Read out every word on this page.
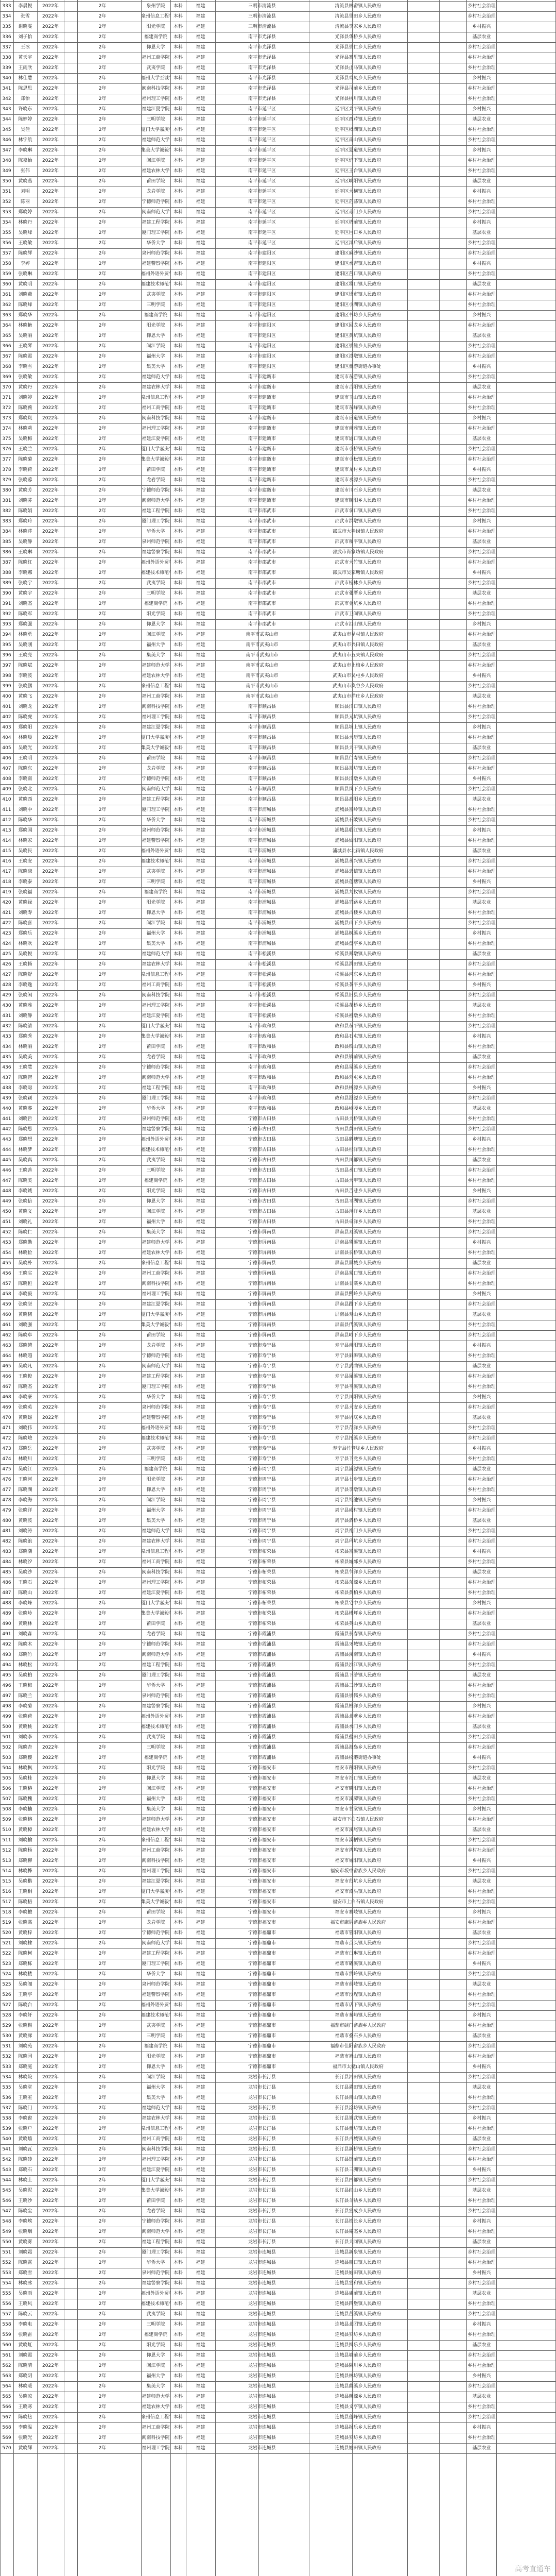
333	李晨悦	2022年	2年	泉州学院	本科	福建	三明市清流县	清流县林畲镇人民政府	乡村社会治理
334	张雪	2022年	2年	泉州信息工程 本科	福建	三明市清流县	清流县里田乡人民政府	乡村社会治理
335	谢晓雯	2022年	2年	阳光学院	本科	福建	三明市清流县	清流县李家乡人民政府	乡村振兴
336	刘子怡	2022年	2年	福建商学院	本科	福建	南平市光泽县	光泽县华桥乡人民政府	基层农业
337	王冰	2022年	2年	仰恩大学	本科	福建	南平市光泽县	光泽县崇仁乡人民政府	乡村社会治理
338	黄天宇	2022年	2年	福州工商学院 本科	福建	南平市光泽县	光泽县寨里镇人民政府	乡村社会治理
339	王雨欣	2022年	2年	武夷学院	本科	福建	南平市光泽县	光泽县止马镇人民政府	乡村社会治理
340	林佳慧	2022年	2年	福州大学至诚 本科	福建	南平市光泽县	光泽县鸾凤乡人民政府	乡村振兴
341	陈思思	2022年	2年	闽南科技学院 本科	福建	南平市光泽县	光泽县司前乡人民政府	乡村社会治理
342	郑怡	2022年	2年	福州理工学院 本科	福建	南平市光泽县	光泽县杭川镇人民政府	乡村社会治理
343	许晓东	2022年	2年	福建江夏学院 本科	福建	南平市延平区	延平区太平镇人民政府	乡村振兴
344	陈婷婷	2022年	2年	三明学院	本科	福建	南平市延平区	延平区西芹镇人民政府	基层农业
345	吴佳	2022年	2年	厦门大学嘉庚 本科	福建	南平市延平区	延平区樟湖镇人民政府	乡村社会治理
346	林宇航	2022年	2年	福建师范大学 本科	福建	南平市延平区	延平区南山镇人民政府	乡村社会治理
347	李晓琳	2022年	2年	集美大学诚毅 本科	福建	南平市延平区	延平区夏道镇人民政府	乡村振兴
348	陈嘉怡	2022年	2年	闽江学院	本科	福建	南平市延平区	延平区炉下镇人民政府	乡村社会治理
349	张伟	2022年	2年	福建农林大学 本科	福建	南平市延平区	延平区王台镇人民政府	乡村社会治理
350	黄晓燕	2022年	2年	莆田学院	本科	福建	南平市延平区	延平区峡阳镇人民政府	基层农业
351	刘明	2022年	2年	龙岩学院	本科	福建	南平市延平区	延平区大横镇人民政府	乡村振兴
352	陈丽	2022年	2年	宁德师范学院 本科	福建	南平市延平区	延平区茫荡镇人民政府	乡村社会治理
353	郑晓婷	2022年	2年	闽南师范大学 本科	福建	南平市延平区	延平区赤门乡人民政府	乡村社会治理
354	林晓丹	2022年	2年	福建工程学院 本科	福建	南平市延平区	延平区塔前镇人民政府	乡村振兴
355	吴晓峰	2022年	2年	厦门理工学院 本科	福建	南平市延平区	延平区巨口乡人民政府	基层农业
356	王晓敏	2022年	2年	华侨大学	本科	福建	南平市延平区	延平区洋后镇人民政府	乡村社会治理
357	陈晓辉	2022年	2年	泉州师范学院 本科	福建	南平市建阳区	建阳区麻沙镇人民政府	乡村社会治理
358	李婷	2022年	2年	福建警察学院 本科	福建	南平市建阳区	建阳区水吉镇人民政府	乡村振兴
359	张晓琳	2022年	2年	福州外语外贸 本科	福建	南平市建阳区	建阳区莒口镇人民政府	乡村社会治理
360	黄晓明	2022年	2年	福建技术师范 本科	福建	南平市建阳区	建阳区将口镇人民政府	基层农业
361	刘晓燕	2022年	2年	武夷学院	本科	福建	南平市建阳区	建阳区徐市镇人民政府	乡村社会治理
362	陈晓峰	2022年	2年	三明学院	本科	福建	南平市建阳区	建阳区小湖镇人民政府	乡村社会治理
363	郑晓华	2022年	2年	福建商学院	本科	福建	南平市建阳区	建阳区书坊乡人民政府	乡村振兴
364	林晓艳	2022年	2年	阳光学院	本科	福建	南平市建阳区	建阳区回龙乡人民政府	乡村社会治理
365	吴晓丽	2022年	2年	仰恩大学	本科	福建	南平市建阳区	建阳区黄坑镇人民政府	基层农业
366	王晓琴	2022年	2年	闽江学院	本科	福建	南平市建阳区	建阳区崇雒乡人民政府	乡村社会治理
367	陈晓霞	2022年	2年	福州大学	本科	福建	南平市建阳区	建阳区漳墩镇人民政府	乡村社会治理
368	李晓雪	2022年	2年	集美大学	本科	福建	南平市建阳区	建阳区童游街道办事处	乡村振兴
369	张晓敏	2022年	2年	福建师范大学 本科	福建	南平市建瓯市	建瓯市东游镇人民政府	乡村社会治理
370	黄晓丹	2022年	2年	福建农林大学 本科	福建	南平市建瓯市	建瓯市吉阳镇人民政府	基层农业
371	刘晓婷	2022年	2年	泉州信息工程 本科	福建	南平市建瓯市	建瓯市玉山镇人民政府	乡村社会治理
372	陈晓薇	2022年	2年	福州工商学院 本科	福建	南平市建瓯市	建瓯市东峰镇人民政府	乡村社会治理
373	郑晓岚	2022年	2年	闽南科技学院 本科	福建	南平市建瓯市	建瓯市房道镇人民政府	乡村振兴
374	林晓莉	2022年	2年	福州理工学院 本科	福建	南平市建瓯市	建瓯市南雅镇人民政府	乡村社会治理
375	吴晓梅	2022年	2年	福建江夏学院 本科	福建	南平市建瓯市	建瓯市迪口镇人民政府	基层农业
376	王晓兰	2022年	2年	厦门大学嘉庚 本科	福建	南平市建瓯市	建瓯市小桥镇人民政府	乡村社会治理
377	陈晓菊	2022年	2年	集美大学诚毅 本科	福建	南平市建瓯市	建瓯市小松镇人民政府	乡村社会治理
378	李晓荷	2022年	2年	莆田学院	本科	福建	南平市建瓯市	建瓯市龙村乡人民政府	乡村振兴
379	张晓蓉	2022年	2年	龙岩学院	本科	福建	南平市建瓯市	建瓯市水源乡人民政府	乡村社会治理
380	黄晓芳	2022年	2年	宁德师范学院 本科	福建	南平市建瓯市	建瓯市川石乡人民政府	基层农业
381	刘晓芬	2022年	2年	闽南师范大学 本科	福建	南平市建瓯市	建瓯市顺阳乡人民政府	乡村社会治理
382	陈晓娟	2022年	2年	福建工程学院 本科	福建	南平市邵武市	邵武市拿口镇人民政府	乡村社会治理
383	郑晓玲	2022年	2年	厦门理工学院 本科	福建	南平市邵武市	邵武市洪墩镇人民政府	乡村振兴
384	林晓萍	2022年	2年	华侨大学	本科	福建	南平市邵武市	邵武市大埠岗镇人民政府	乡村社会治理
385	吴晓静	2022年	2年	泉州师范学院 本科	福建	南平市邵武市	邵武市和平镇人民政府	基层农业
386	王晓琳	2022年	2年	福建警察学院 本科	福建	南平市邵武市	邵武市肖家坊镇人民政府	乡村社会治理
387	陈晓红	2022年	2年	福州外语外贸 本科	福建	南平市邵武市	邵武市大竹镇人民政府	乡村社会治理
388	李晓娜	2022年	2年	福建技术师范 本科	福建	南平市邵武市	邵武市吴家塘镇人民政府	乡村振兴
389	张晓宁	2022年	2年	武夷学院	本科	福建	南平市邵武市	邵武市桂林乡人民政府	乡村社会治理
390	黄晓宇	2022年	2年	三明学院	本科	福建	南平市邵武市	邵武市张厝乡人民政府	基层农业
391	刘晓杰	2022年	2年	福建商学院	本科	福建	南平市邵武市	邵武市金坑乡人民政府	乡村社会治理
392	陈晓军	2022年	2年	阳光学院	本科	福建	南平市邵武市	邵武市卫闽镇人民政府	乡村社会治理
393	郑晓强	2022年	2年	仰恩大学	本科	福建	南平市邵武市	邵武市沿山镇人民政府	乡村振兴
394	林晓勇	2022年	2年	闽江学院	本科	福建	南平市武夷山市	武夷山市星村镇人民政府	乡村社会治理
395	吴晓刚	2022年	2年	福州大学	本科	福建	南平市武夷山市	武夷山市兴田镇人民政府	基层农业
396	王晓亮	2022年	2年	集美大学	本科	福建	南平市武夷山市	武夷山市五夫镇人民政府	乡村社会治理
397	陈晓斌	2022年	2年	福建师范大学 本科	福建	南平市武夷山市	武夷山市上梅乡人民政府	乡村社会治理
398	李晓波	2022年	2年	福建农林大学 本科	福建	南平市武夷山市	武夷山市吴屯乡人民政府	乡村振兴
399	张晓鹏	2022年	2年	泉州信息工程 本科	福建	南平市武夷山市	武夷山市岚谷乡人民政府	乡村社会治理
400	黄晓飞	2022年	2年	福州工商学院 本科	福建	南平市武夷山市	武夷山市洋庄乡人民政府	基层农业
401	刘晓龙	2022年	2年	闽南科技学院 本科	福建	南平市顺昌县	顺昌县洋口镇人民政府	乡村社会治理
402	陈晓虎	2022年	2年	福州理工学院 本科	福建	南平市顺昌县	顺昌县元坑镇人民政府	乡村社会治理
403	郑晓阳	2022年	2年	福建江夏学院 本科	福建	南平市顺昌县	顺昌县埔上镇人民政府	乡村振兴
404	林晓晨	2022年	2年	厦门大学嘉庚 本科	福建	南平市顺昌县	顺昌县大历镇人民政府	乡村社会治理
405	吴晓光	2022年	2年	集美大学诚毅 本科	福建	南平市顺昌县	顺昌县大干镇人民政府	基层农业
406	王晓明	2022年	2年	莆田学院	本科	福建	南平市顺昌县	顺昌县仁寿镇人民政府	乡村社会治理
407	陈晓东	2022年	2年	龙岩学院	本科	福建	南平市顺昌县	顺昌县郑坊镇人民政府	乡村社会治理
408	李晓南	2022年	2年	宁德师范学院 本科	福建	南平市顺昌县	顺昌县洋墩乡人民政府	乡村振兴
409	张晓北	2022年	2年	闽南师范大学 本科	福建	南平市顺昌县	顺昌县岚下乡人民政府	乡村社会治理
410	黄晓西	2022年	2年	福建工程学院 本科	福建	南平市顺昌县	顺昌县高阳乡人民政府	基层农业
411	刘晓中	2022年	2年	厦门理工学院 本科	福建	南平市浦城县	浦城县富岭镇人民政府	乡村社会治理
412	陈晓华	2022年	2年	华侨大学	本科	福建	南平市浦城县	浦城县石陂镇人民政府	乡村社会治理
413	郑晓国	2022年	2年	泉州师范学院 本科	福建	南平市浦城县	浦城县临江镇人民政府	乡村振兴
414	林晓家	2022年	2年	福建警察学院 本科	福建	南平市浦城县	浦城县仙阳镇人民政府	乡村社会治理
415	吴晓民	2022年	2年	福州外语外贸 本科	福建	南平市浦城县	浦城县水北街镇人民政府	基层农业
416	王晓安	2022年	2年	福建技术师范 本科	福建	南平市浦城县	浦城县永兴镇人民政府	乡村社会治理
417	陈晓康	2022年	2年	武夷学院	本科	福建	南平市浦城县	浦城县忠信镇人民政府	乡村社会治理
418	李晓泰	2022年	2年	三明学院	本科	福建	南平市浦城县	浦城县莲塘镇人民政府	乡村振兴
419	张晓福	2022年	2年	福建商学院	本科	福建	南平市浦城县	浦城县九牧镇人民政府	乡村社会治理
420	黄晓禄	2022年	2年	阳光学院	本科	福建	南平市浦城县	浦城县官路乡人民政府	基层农业
421	刘晓寿	2022年	2年	仰恩大学	本科	福建	南平市浦城县	浦城县古楼乡人民政府	乡村社会治理
422	陈晓喜	2022年	2年	闽江学院	本科	福建	南平市浦城县	浦城县山下乡人民政府	乡村社会治理
423	郑晓乐	2022年	2年	福州大学	本科	福建	南平市浦城县	浦城县枫溪乡人民政府	乡村振兴
424	林晓欢	2022年	2年	集美大学	本科	福建	南平市浦城县	浦城县盘亭乡人民政府	乡村社会治理
425	吴晓悦	2022年	2年	福建师范大学 本科	福建	南平市松溪县	松溪县郑墩镇人民政府	基层农业
426	王晓畅	2022年	2年	福建农林大学 本科	福建	南平市松溪县	松溪县渭田镇人民政府	乡村社会治理
427	陈晓舒	2022年	2年	泉州信息工程 本科	福建	南平市松溪县	松溪县河东乡人民政府	乡村社会治理
428	李晓逸	2022年	2年	福州工商学院 本科	福建	南平市松溪县	松溪县茶平乡人民政府	乡村振兴
429	张晓闲	2022年	2年	闽南科技学院 本科	福建	南平市松溪县	松溪县旧县乡人民政府	乡村社会治理
430	黄晓雅	2022年	2年	福州理工学院 本科	福建	南平市松溪县	松溪县花桥乡人民政府	基层农业
431	刘晓静	2022年	2年	福建江夏学院 本科	福建	南平市松溪县	松溪县祖墩乡人民政府	乡村社会治理
432	陈晓清	2022年	2年	厦门大学嘉庚 本科	福建	南平市政和县	政和县东平镇人民政府	乡村社会治理
433	郑晓秀	2022年	2年	集美大学诚毅 本科	福建	南平市政和县	政和县石屯镇人民政府	乡村振兴
434	林晓丽	2022年	2年	莆田学院	本科	福建	南平市政和县	政和县铁山镇人民政府	乡村社会治理
435	吴晓美	2022年	2年	龙岩学院	本科	福建	南平市政和县	政和县镇前镇人民政府	基层农业
436	王晓慧	2022年	2年	宁德师范学院 本科	福建	南平市政和县	政和县星溪乡人民政府	乡村社会治理
437	陈晓智	2022年	2年	闽南师范大学 本科	福建	南平市政和县	政和县外屯乡人民政府	乡村社会治理
438	李晓聪	2022年	2年	福建工程学院 本科	福建	南平市政和县	政和县杨源乡人民政府	乡村振兴
439	张晓颖	2022年	2年	厦门理工学院 本科	福建	南平市政和县	政和县澄源乡人民政府	乡村社会治理
440	黄晓睿	2022年	2年	华侨大学	本科	福建	南平市政和县	政和县岭腰乡人民政府	基层农业
441	刘晓哲	2022年	2年	泉州师范学院 本科	福建	宁德市古田县	古田县大桥镇人民政府	乡村社会治理
442	陈晓思	2022年	2年	福建警察学院 本科	福建	宁德市古田县	古田县黄田镇人民政府	乡村社会治理
443	郑晓想	2022年	2年	福州外语外贸 本科	福建	宁德市古田县	古田县鹤塘镇人民政府	乡村振兴
444	林晓梦	2022年	2年	福建技术师范 本科	福建	宁德市古田县	古田县杉洋镇人民政府	乡村社会治理
445	吴晓真	2022年	2年	武夷学院	本科	福建	宁德市古田县	古田县凤都镇人民政府	基层农业
446	王晓善	2022年	2年	三明学院	本科	福建	宁德市古田县	古田县水口镇人民政府	乡村社会治理
447	陈晓美	2022年	2年	福建商学院	本科	福建	宁德市古田县	古田县大甲镇人民政府	乡村社会治理
448	李晓诚	2022年	2年	阳光学院	本科	福建	宁德市古田县	古田县吉巷乡人民政府	乡村振兴
449	张晓信	2022年	2年	仰恩大学	本科	福建	宁德市古田县	古田县平湖镇人民政府	乡村社会治理
450	黄晓义	2022年	2年	闽江学院	本科	福建	宁德市古田县	古田县泮洋乡人民政府	基层农业
451	刘晓礼	2022年	2年	福州大学	本科	福建	宁德市古田县	古田县卓洋乡人民政府	乡村社会治理
452	陈晓仁	2022年	2年	集美大学	本科	福建	宁德市屏南县	屏南县双溪镇人民政府	乡村社会治理
453	郑晓勤	2022年	2年	福建师范大学 本科	福建	宁德市屏南县	屏南县黛溪镇人民政府	乡村振兴
454	林晓俭	2022年	2年	福建农林大学 本科	福建	宁德市屏南县	屏南县长桥镇人民政府	乡村社会治理
455	吴晓朴	2022年	2年	泉州信息工程 本科	福建	宁德市屏南县	屏南县屏城乡人民政府	基层农业
456	王晓实	2022年	2年	福州工商学院 本科	福建	宁德市屏南县	屏南县棠口镇人民政府	乡村社会治理
457	陈晓恒	2022年	2年	闽南科技学院 本科	福建	宁德市屏南县	屏南县甘棠乡人民政府	乡村社会治理
458	李晓毅	2022年	2年	福州理工学院 本科	福建	宁德市屏南县	屏南县熙岭乡人民政府	乡村振兴
459	张晓坚	2022年	2年	福建江夏学院 本科	福建	宁德市屏南县	屏南县路下乡人民政府	乡村社会治理
460	黄晓韧	2022年	2年	厦门大学嘉庚 本科	福建	宁德市屏南县	屏南县寿山乡人民政府	基层农业
461	刘晓强	2022年	2年	集美大学诚毅 本科	福建	宁德市屏南县	屏南县代溪镇人民政府	乡村社会治理
462	陈晓卓	2022年	2年	莆田学院	本科	福建	宁德市屏南县	屏南县岭下乡人民政府	乡村社会治理
463	郑晓越	2022年	2年	龙岩学院	本科	福建	宁德市寿宁县	寿宁县南阳镇人民政府	乡村振兴
464	林晓超	2022年	2年	宁德师范学院 本科	福建	宁德市寿宁县	寿宁县斜滩镇人民政府	乡村社会治理
465	吴晓凡	2022年	2年	闽南师范大学 本科	福建	宁德市寿宁县	寿宁县武曲镇人民政府	基层农业
466	王晓俊	2022年	2年	福建工程学院 本科	福建	宁德市寿宁县	寿宁县犀溪镇人民政府	乡村社会治理
467	陈晓杰	2022年	2年	厦门理工学院 本科	福建	宁德市寿宁县	寿宁县平溪镇人民政府	乡村社会治理
468	李晓豪	2022年	2年	华侨大学	本科	福建	宁德市寿宁县	寿宁县凤阳镇人民政府	乡村振兴
469	张晓英	2022年	2年	泉州师范学院 本科	福建	宁德市寿宁县	寿宁县大安乡人民政府	乡村社会治理
470	黄晓雄	2022年	2年	福建警察学院 本科	福建	宁德市寿宁县	寿宁县坑底乡人民政府	基层农业
471	刘晓伟	2022年	2年	福州外语外贸 本科	福建	宁德市寿宁县	寿宁县芹洋乡人民政府	乡村社会治理
472	陈晓峻	2022年	2年	福建技术师范 本科	福建	宁德市寿宁县	寿宁县托溪乡人民政府	乡村社会治理
473	郑晓岳	2022年	2年	武夷学院	本科	福建	宁德市寿宁县	寿宁县竹管垅乡人民政府	乡村振兴
474	林晓川	2022年	2年	三明学院	本科	福建	宁德市寿宁县	寿宁县下党乡人民政府	乡村社会治理
475	吴晓江	2022年	2年	福建商学院	本科	福建	宁德市周宁县	周宁县浦源镇人民政府	基层农业
476	王晓河	2022年	2年	阳光学院	本科	福建	宁德市周宁县	周宁县七步镇人民政府	乡村社会治理
477	陈晓湖	2022年	2年	仰恩大学	本科	福建	宁德市周宁县	周宁县李墩镇人民政府	乡村社会治理
478	李晓海	2022年	2年	闽江学院	本科	福建	宁德市周宁县	周宁县纯池镇人民政府	乡村振兴
479	张晓洋	2022年	2年	福州大学	本科	福建	宁德市周宁县	周宁县咸村镇人民政府	乡村社会治理
480	黄晓波	2022年	2年	集美大学	本科	福建	宁德市周宁县	周宁县泗桥乡人民政府	基层农业
481	刘晓涛	2022年	2年	福建师范大学 本科	福建	宁德市周宁县	周宁县礼门乡人民政府	乡村社会治理
482	陈晓浪	2022年	2年	福建农林大学 本科	福建	宁德市周宁县	周宁县玛坑乡人民政府	乡村社会治理
483	郑晓潮	2022年	2年	泉州信息工程 本科	福建	宁德市柘荣县	柘荣县富溪镇人民政府	乡村振兴
484	林晓汐	2022年	2年	福州工商学院 本科	福建	宁德市柘荣县	柘荣县城郊乡人民政府	乡村社会治理
485	吴晓沙	2022年	2年	闽南科技学院 本科	福建	宁德市柘荣县	柘荣县乍洋乡人民政府	基层农业
486	王晓石	2022年	2年	福州理工学院 本科	福建	宁德市柘荣县	柘荣县东源乡人民政府	乡村社会治理
487	陈晓山	2022年	2年	福建江夏学院 本科	福建	宁德市柘荣县	柘荣县黄柏乡人民政府	乡村社会治理
488	李晓峰	2022年	2年	厦门大学嘉庚 本科	福建	宁德市柘荣县	柘荣县宅中乡人民政府	乡村振兴
489	张晓岭	2022年	2年	集美大学诚毅 本科	福建	宁德市柘荣县	柘荣县楮坪乡人民政府	乡村社会治理
490	黄晓林	2022年	2年	莆田学院	本科	福建	宁德市柘荣县	柘荣县英山乡人民政府	基层农业
491	刘晓森	2022年	2年	龙岩学院	本科	福建	宁德市霞浦县	霞浦县长春镇人民政府	乡村社会治理
492	陈晓木	2022年	2年	宁德师范学院 本科	福建	宁德市霞浦县	霞浦县牙城镇人民政府	乡村社会治理
493	郑晓竹	2022年	2年	闽南师范大学 本科	福建	宁德市霞浦县	霞浦县溪南镇人民政府	乡村振兴
494	林晓松	2022年	2年	福建工程学院 本科	福建	宁德市霞浦县	霞浦县沙江镇人民政府	乡村社会治理
495	吴晓柏	2022年	2年	厦门理工学院 本科	福建	宁德市霞浦县	霞浦县下浒镇人民政府	基层农业
496	王晓梅	2022年	2年	华侨大学	本科	福建	宁德市霞浦县	霞浦县三沙镇人民政府	乡村社会治理
497	陈晓兰	2022年	2年	泉州师范学院 本科	福建	宁德市霞浦县	霞浦县崇儒乡人民政府	乡村社会治理
498	李晓菊	2022年	2年	福建警察学院 本科	福建	宁德市霞浦县	霞浦县柏洋乡人民政府	乡村振兴
499	张晓荷	2022年	2年	福州外语外贸 本科	福建	宁德市霞浦县	霞浦县北壁乡人民政府	乡村社会治理
500	黄晓桃	2022年	2年	福建技术师范 本科	福建	宁德市霞浦县	霞浦县水门乡人民政府	基层农业
501	刘晓李	2022年	2年	武夷学院	本科	福建	宁德市霞浦县	霞浦县盐田乡人民政府	乡村社会治理
502	陈晓杏	2022年	2年	三明学院	本科	福建	宁德市霞浦县	霞浦县海岛乡人民政府	乡村社会治理
503	郑晓樱	2022年	2年	福建商学院	本科	福建	宁德市霞浦县	霞浦县松港街道办事处	乡村振兴
504	林晓枫	2022年	2年	阳光学院	本科	福建	宁德市福安市	福安市穆阳镇人民政府	乡村社会治理
505	吴晓桂	2022年	2年	仰恩大学	本科	福建	宁德市福安市	福安市社口镇人民政府	基层农业
506	王晓椿	2022年	2年	闽江学院	本科	福建	宁德市福安市	福安市晓阳镇人民政府	乡村社会治理
507	陈晓槐	2022年	2年	福州大学	本科	福建	宁德市福安市	福安市溪潭镇人民政府	乡村社会治理
508	李晓楠	2022年	2年	集美大学	本科	福建	宁德市福安市	福安市甘棠镇人民政府	乡村振兴
509	张晓榕	2022年	2年	福建师范大学 本科	福建	宁德市福安市	福安市下白石镇人民政府	乡村社会治理
510	黄晓樟	2022年	2年	福建农林大学 本科	福建	宁德市福安市	福安市溪尾镇人民政府	基层农业
511	刘晓榆	2022年	2年	泉州信息工程 本科	福建	宁德市福安市	福安市溪柄镇人民政府	乡村社会治理
512	陈晓杨	2022年	2年	福州工商学院 本科	福建	宁德市福安市	福安市湾坞镇人民政府	乡村社会治理
513	郑晓柳	2022年	2年	闽南科技学院 本科	福建	宁德市福安市	福安市城阳镇人民政府	乡村振兴
514	林晓桦	2022年	2年	福州理工学院 本科	福建	宁德市福安市	福安市坂中畲族乡人民政府	乡村社会治理
515	吴晓楷	2022年	2年	福建江夏学院 本科	福建	宁德市福安市	福安市范坑乡人民政府	基层农业
516	王晓桐	2022年	2年	厦门大学嘉庚 本科	福建	宁德市福安市	福安市潭头镇人民政府	乡村社会治理
517	陈晓梧	2022年	2年	集美大学诚毅 本科	福建	宁德市福安市	福安市上白石镇人民政府	乡村社会治理
518	李晓檀	2022年	2年	莆田学院	本科	福建	宁德市福安市	福安市赛岐镇人民政府	乡村振兴
519	张晓棠	2022年	2年	龙岩学院	本科	福建	宁德市福安市	福安市康厝畲族乡人民政府	乡村社会治理
520	黄晓梓	2022年	2年	宁德师范学院 本科	福建	宁德市福鼎市	福鼎市管阳镇人民政府	基层农业
521	刘晓棣	2022年	2年	闽南师范大学 本科	福建	宁德市福鼎市	福鼎市点头镇人民政府	乡村社会治理
522	陈晓柯	2022年	2年	福建工程学院 本科	福建	宁德市福鼎市	福鼎市白琳镇人民政府	乡村社会治理
523	郑晓栋	2022年	2年	厦门理工学院 本科	福建	宁德市福鼎市	福鼎市磻溪镇人民政府	乡村振兴
524	林晓楼	2022年	2年	华侨大学	本科	福建	宁德市福鼎市	福鼎市贯岭镇人民政府	乡村社会治理
525	吴晓阁	2022年	2年	泉州师范学院 本科	福建	宁德市福鼎市	福鼎市前岐镇人民政府	基层农业
526	王晓亭	2022年	2年	福建警察学院 本科	福建	宁德市福鼎市	福鼎市沙埕镇人民政府	乡村社会治理
527	陈晓台	2022年	2年	福州外语外贸 本科	福建	宁德市福鼎市	福鼎市店下镇人民政府	乡村社会治理
528	李晓轩	2022年	2年	福建技术师范 本科	福建	宁德市福鼎市	福鼎市秦屿镇人民政府	乡村振兴
529	张晓榭	2022年	2年	武夷学院	本科	福建	宁德市福鼎市	福鼎市硖门畲族乡人民政府	乡村社会治理
530	黄晓廊	2022年	2年	三明学院	本科	福建	宁德市福鼎市	福鼎市叠石乡人民政府	基层农业
531	刘晓苑	2022年	2年	福建商学院	本科	福建	宁德市福鼎市	福鼎市佳阳畲族乡人民政府	乡村社会治理
532	陈晓园	2022年	2年	阳光学院	本科	福建	宁德市福鼎市	福鼎市嵛山镇人民政府	乡村社会治理
533	郑晓庭	2022年	2年	仰恩大学	本科	福建	宁德市福鼎市	福鼎市太姥山镇人民政府	乡村振兴
534	林晓院	2022年	2年	闽江学院	本科	福建	龙岩市长汀县	长汀县河田镇人民政府	乡村社会治理
535	吴晓堂	2022年	2年	福州大学	本科	福建	龙岩市长汀县	长汀县濯田镇人民政府	基层农业
536	王晓室	2022年	2年	集美大学	本科	福建	龙岩市长汀县	长汀县南山镇人民政府	乡村社会治理
537	陈晓门	2022年	2年	福建师范大学 本科	福建	龙岩市长汀县	长汀县涂坊镇人民政府	乡村社会治理
538	李晓窗	2022年	2年	福建农林大学 本科	福建	龙岩市长汀县	长汀县策武镇人民政府	乡村振兴
539	张晓户	2022年	2年	泉州信息工程 本科	福建	龙岩市长汀县	长汀县童坊镇人民政府	乡村社会治理
540	黄晓墙	2022年	2年	福州工商学院 本科	福建	龙岩市长汀县	长汀县古城镇人民政府	基层农业
541	刘晓瓦	2022年	2年	闽南科技学院 本科	福建	龙岩市长汀县	长汀县新桥镇人民政府	乡村社会治理
542	陈晓砖	2022年	2年	福州理工学院 本科	福建	龙岩市长汀县	长汀县馆前镇人民政府	乡村社会治理
543	郑晓石	2022年	2年	福建江夏学院 本科	福建	龙岩市长汀县	长汀县三洲镇人民政府	乡村振兴
544	林晓土	2022年	2年	厦门大学嘉庚 本科	福建	龙岩市长汀县	长汀县四都镇人民政府	乡村社会治理
545	吴晓泥	2022年	2年	集美大学诚毅 本科	福建	龙岩市长汀县	长汀县红山乡人民政府	基层农业
546	王晓沙	2022年	2年	莆田学院	本科	福建	龙岩市长汀县	长汀县羊牯乡人民政府	乡村社会治理
547	陈晓尘	2022年	2年	龙岩学院	本科	福建	龙岩市长汀县	长汀县宣成乡人民政府	乡村社会治理
548	李晓埃	2022年	2年	宁德师范学院 本科	福建	龙岩市长汀县	长汀县铁长乡人民政府	乡村振兴
549	张晓烟	2022年	2年	闽南师范大学 本科	福建	龙岩市长汀县	长汀县庵杰乡人民政府	乡村社会治理
550	黄晓雾	2022年	2年	福建工程学院 本科	福建	龙岩市长汀县	长汀县大同镇人民政府	基层农业
551	刘晓霜	2022年	2年	厦门理工学院 本科	福建	龙岩市连城县	连城县新泉镇人民政府	乡村社会治理
552	陈晓露	2022年	2年	华侨大学	本科	福建	龙岩市连城县	连城县朋口镇人民政府	乡村社会治理
553	郑晓雪	2022年	2年	泉州师范学院 本科	福建	龙岩市连城县	连城县姑田镇人民政府	乡村振兴
554	林晓冰	2022年	2年	福建警察学院 本科	福建	龙岩市连城县	连城县宣和镇人民政府	乡村社会治理
555	吴晓雨	2022年	2年	福州外语外贸 本科	福建	龙岩市连城县	连城县庙前镇人民政府	基层农业
556	王晓风	2022年	2年	福建技术师范 本科	福建	龙岩市连城县	连城县四堡镇人民政府	乡村社会治理
557	陈晓云	2022年	2年	武夷学院	本科	福建	龙岩市连城县	连城县莒溪镇人民政府	乡村社会治理
558	李晓电	2022年	2年	三明学院	本科	福建	龙岩市连城县	连城县北团镇人民政府	乡村振兴
559	张晓雷	2022年	2年	福建商学院	本科	福建	龙岩市连城县	连城县罗坊乡人民政府	乡村社会治理
560	黄晓虹	2022年	2年	阳光学院	本科	福建	龙岩市连城县	连城县揭乐乡人民政府	基层农业
561	刘晓霞	2022年	2年	仰恩大学	本科	福建	龙岩市连城县	连城县塘前乡人民政府	乡村社会治理
562	陈晓晴	2022年	2年	闽江学院	本科	福建	龙岩市连城县	连城县隔川乡人民政府	乡村社会治理
563	郑晓阴	2022年	2年	福州大学	本科	福建	龙岩市连城县	连城县林坊镇人民政府	乡村振兴
564	林晓暖	2022年	2年	集美大学	本科	福建	龙岩市连城县	连城县曲溪乡人民政府	乡村社会治理
565	吴晓凉	2022年	2年	福建师范大学 本科	福建	龙岩市连城县	连城县赖源乡人民政府	基层农业
566	王晓寒	2022年	2年	福建农林大学 本科	福建	龙岩市连城县	连城县文亨镇人民政府	乡村社会治理
567	陈晓热	2022年	2年	泉州信息工程 本科	福建	龙岩市连城县	连城县莲峰镇人民政府	乡村社会治理
568	李晓温	2022年	2年	福州工商学院 本科	福建	龙岩市连城县	连城县揭乐乡人民政府	乡村振兴
569	张晓光	2022年	2年	闽南科技学院 本科	福建	龙岩市连城县	连城县罗坊乡人民政府	乡村社会治理
570	黄晓辉	2022年	2年	福州理工学院 本科	福建	龙岩市连城县	连城县姑田镇人民政府	基层农业
高考直通车
